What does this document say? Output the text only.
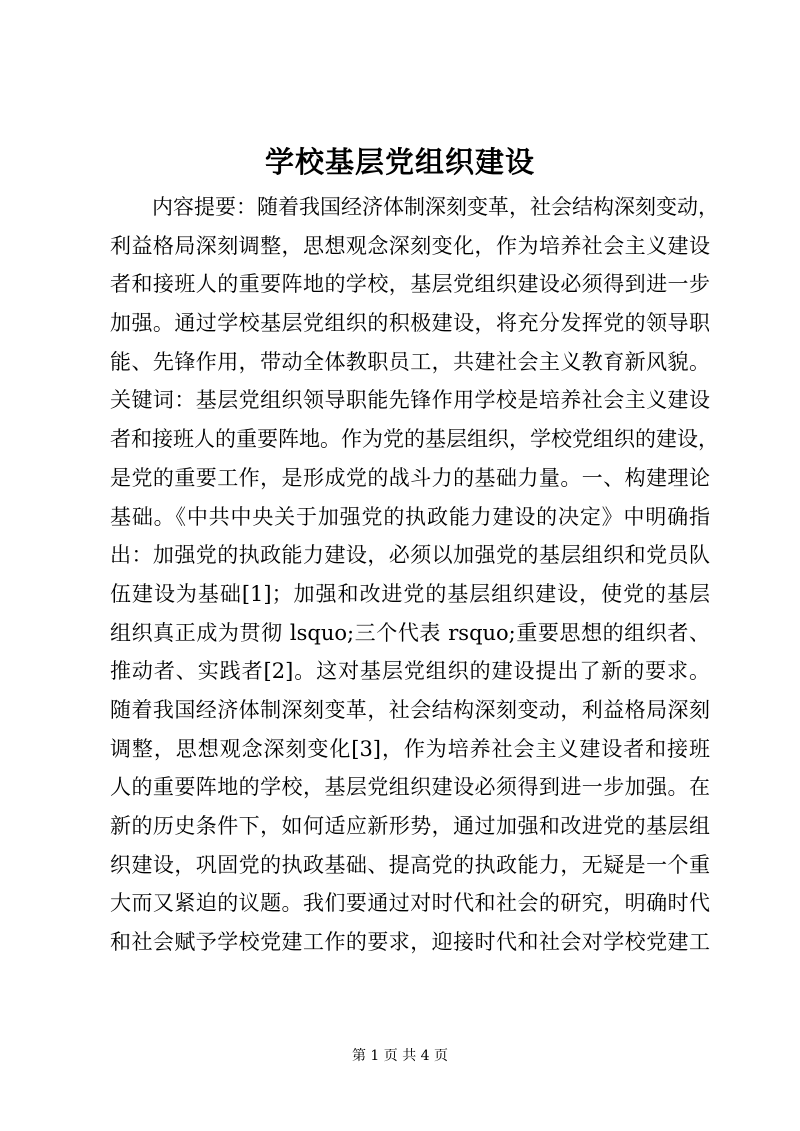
学校基层党组织建设
内容提要：随着我国经济体制深刻变革，社会结构深刻变动，
利益格局深刻调整，思想观念深刻变化，作为培养社会主义建设
者和接班人的重要阵地的学校，基层党组织建设必须得到进一步
加强。通过学校基层党组织的积极建设，将充分发挥党的领导职
能、先锋作用，带动全体教职员工，共建社会主义教育新风貌。
关键词：基层党组织领导职能先锋作用学校是培养社会主义建设
者和接班人的重要阵地。作为党的基层组织，学校党组织的建设，
是党的重要工作，是形成党的战斗力的基础力量。一、构建理论
基础。《中共中央关于加强党的执政能力建设的决定》中明确指
出：加强党的执政能力建设，必须以加强党的基层组织和党员队
伍建设为基础[1]；加强和改进党的基层组织建设，使党的基层
组织真正成为贯彻 lsquo;三个代表 rsquo;重要思想的组织者、
推动者、实践者[2]。这对基层党组织的建设提出了新的要求。
随着我国经济体制深刻变革，社会结构深刻变动，利益格局深刻
调整，思想观念深刻变化[3]，作为培养社会主义建设者和接班
人的重要阵地的学校，基层党组织建设必须得到进一步加强。在
新的历史条件下，如何适应新形势，通过加强和改进党的基层组
织建设，巩固党的执政基础、提高党的执政能力，无疑是一个重
大而又紧迫的议题。我们要通过对时代和社会的研究，明确时代
和社会赋予学校党建工作的要求，迎接时代和社会对学校党建工
第 1 页 共 4 页
